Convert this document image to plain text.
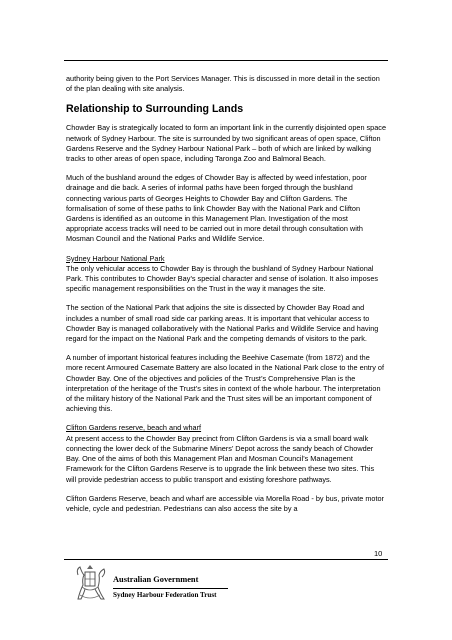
authority being given to the Port Services Manager. This is discussed in more detail in the section of the plan dealing with site analysis.

Relationship to Surrounding Lands

Chowder Bay is strategically located to form an important link in the currently disjointed open space network of Sydney Harbour. The site is surrounded by two significant areas of open space, Clifton Gardens Reserve and the Sydney Harbour National Park – both of which are linked by walking tracks to other areas of open space, including Taronga Zoo and Balmoral Beach.

Much of the bushland around the edges of Chowder Bay is affected by weed infestation, poor drainage and die back. A series of informal paths have been forged through the bushland connecting various parts of Georges Heights to Chowder Bay and Clifton Gardens. The formalisation of some of these paths to link Chowder Bay with the National Park and Clifton Gardens is identified as an outcome in this Management Plan. Investigation of the most appropriate access tracks will need to be carried out in more detail through consultation with Mosman Council and the National Parks and Wildlife Service.

Sydney Harbour National Park

The only vehicular access to Chowder Bay is through the bushland of Sydney Harbour National Park. This contributes to Chowder Bay’s special character and sense of isolation. It also imposes specific management responsibilities on the Trust in the way it manages the site.

The section of the National Park that adjoins the site is dissected by Chowder Bay Road and includes a number of small road side car parking areas. It is important that vehicular access to Chowder Bay is managed collaboratively with the National Parks and Wildlife Service and having regard for the impact on the National Park and the competing demands of visitors to the park.

A number of important historical features including the Beehive Casemate (from 1872) and the more recent Armoured Casemate Battery are also located in the National Park close to the entry of Chowder Bay. One of the objectives and policies of the Trust’s Comprehensive Plan is the interpretation of the heritage of the Trust’s sites in context of the whole harbour. The interpretation of the military history of the National Park and the Trust sites will be an important component of achieving this.

Clifton Gardens reserve, beach and wharf

At present access to the Chowder Bay precinct from Clifton Gardens is via a small board walk connecting the lower deck of the Submarine Miners’ Depot across the sandy beach of Chowder Bay. One of the aims of both this Management Plan and Mosman Council’s Management Framework for the Clifton Gardens Reserve is to upgrade the link between these two sites. This will provide pedestrian access to public transport and existing foreshore pathways.

Clifton Gardens Reserve, beach and wharf are accessible via Morella Road - by bus, private motor vehicle, cycle and pedestrian. Pedestrians can also access the site by a

10
Australian Government
Sydney Harbour Federation Trust
